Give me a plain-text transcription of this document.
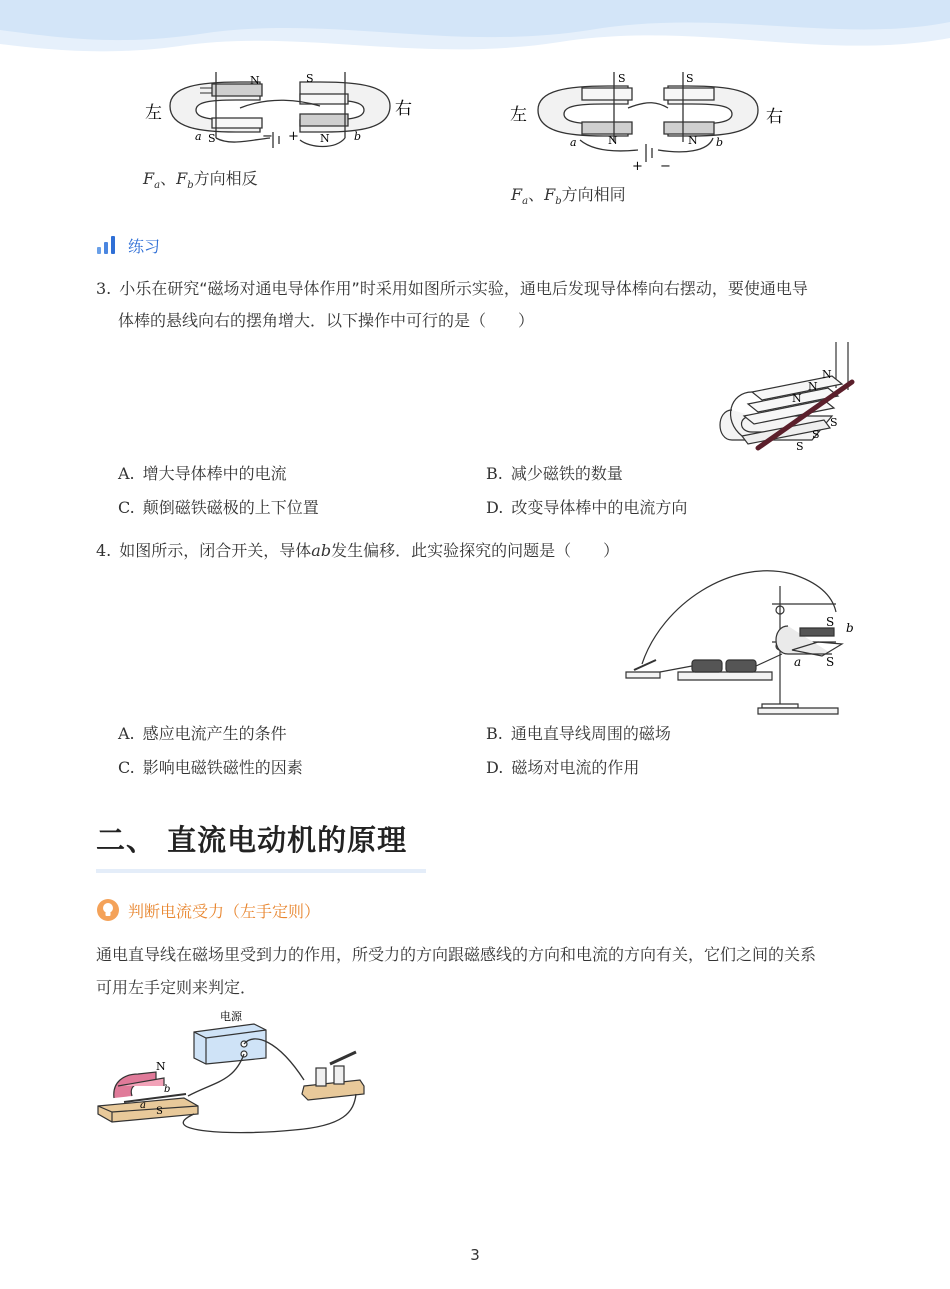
左	右
N	S
S	N
a	b
− +
$F_a$、$F_b$方向相反
左	右
S	S
N	N
a	b
+ −
$F_a$、$F_b$方向相同
练习
3. 小乐在研究“磁场对通电导体作用”时采用如图所示实验，通电后发现导体棒向右摆动，要使通电导
体棒的悬线向右的摆角增大．以下操作中可行的是（　　）
N
N
N
S
S
S
A. 增大导体棒中的电流	B. 减少磁铁的数量
C. 颠倒磁铁磁极的上下位置	D. 改变导体棒中的电流方向
4. 如图所示，闭合开关，导体ab发生偏移．此实验探究的问题是（　　）
S b
a S
A. 感应电流产生的条件	B. 通电直导线周围的磁场
C. 影响电磁铁磁性的因素	D. 磁场对电流的作用
二、 直流电动机的原理
判断电流受力（左手定则）
通电直导线在磁场里受到力的作用，所受力的方向跟磁感线的方向和电流的方向有关，它们之间的关系
可用左手定则来判定．
电源
N
b
a
S
3
